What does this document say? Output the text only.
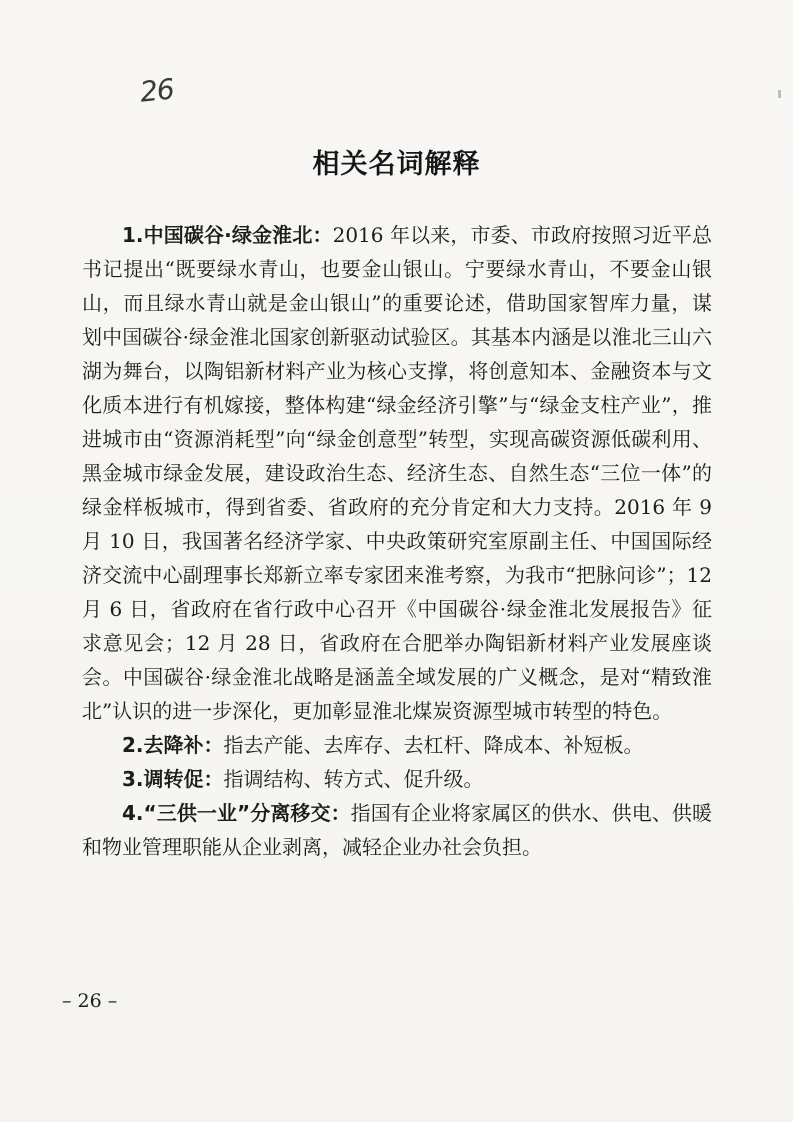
26
相关名词解释

1.中国碳谷·绿金淮北：2016 年以来，市委、市政府按照习近平总书记提出“既要绿水青山，也要金山银山。宁要绿水青山，不要金山银山，而且绿水青山就是金山银山”的重要论述，借助国家智库力量，谋划中国碳谷·绿金淮北国家创新驱动试验区。其基本内涵是以淮北三山六湖为舞台，以陶铝新材料产业为核心支撑，将创意知本、金融资本与文化质本进行有机嫁接，整体构建“绿金经济引擎”与“绿金支柱产业”，推进城市由“资源消耗型”向“绿金创意型”转型，实现高碳资源低碳利用、黑金城市绿金发展，建设政治生态、经济生态、自然生态“三位一体”的绿金样板城市，得到省委、省政府的充分肯定和大力支持。2016 年 9 月 10 日，我国著名经济学家、中央政策研究室原副主任、中国国际经济交流中心副理事长郑新立率专家团来淮考察，为我市“把脉问诊”；12 月 6 日，省政府在省行政中心召开《中国碳谷·绿金淮北发展报告》征求意见会；12 月 28 日，省政府在合肥举办陶铝新材料产业发展座谈会。中国碳谷·绿金淮北战略是涵盖全域发展的广义概念，是对“精致淮北”认识的进一步深化，更加彰显淮北煤炭资源型城市转型的特色。

2.去降补：指去产能、去库存、去杠杆、降成本、补短板。

3.调转促：指调结构、转方式、促升级。

4.“三供一业”分离移交：指国有企业将家属区的供水、供电、供暖和物业管理职能从企业剥离，减轻企业办社会负担。

– 26 –
